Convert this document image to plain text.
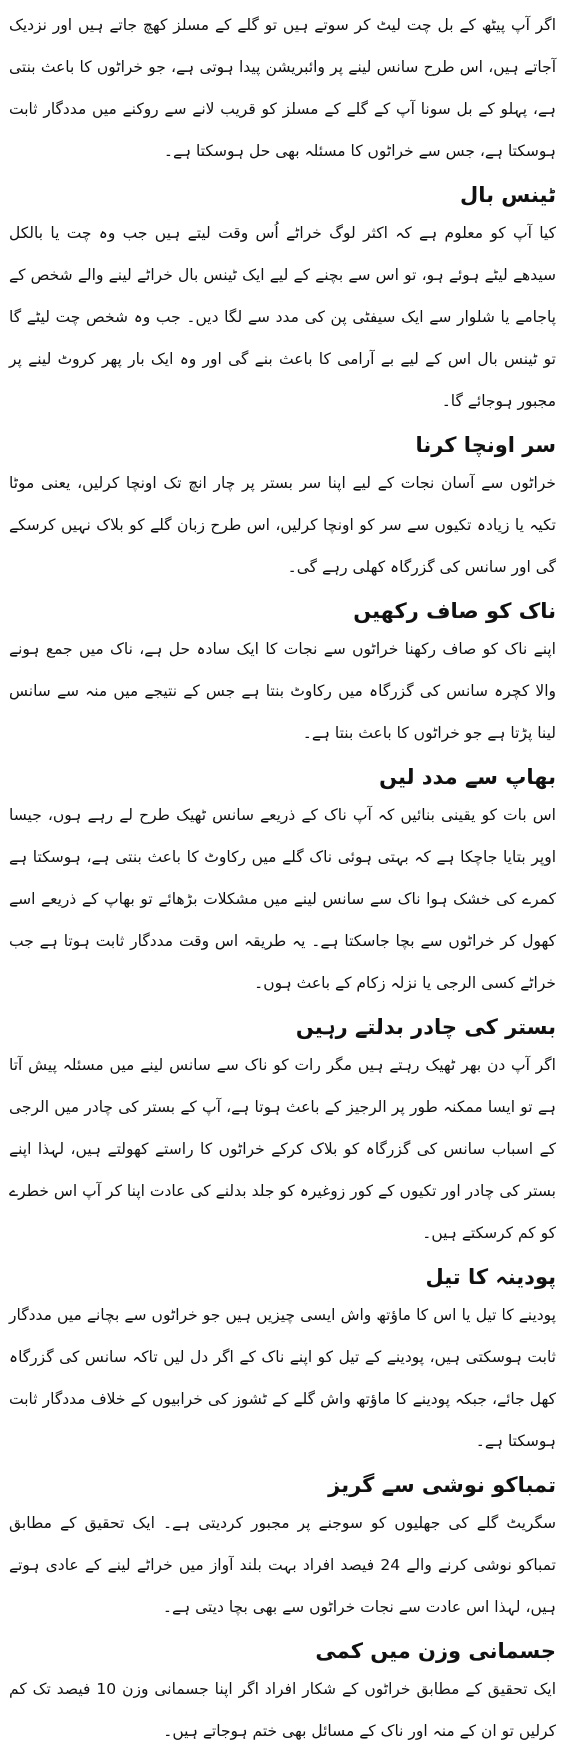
اگر آپ پیٹھ کے بل چت لیٹ کر سوتے ہیں تو گلے کے مسلز کھچ جاتے ہیں اور نزدیک آجاتے ہیں، اس طرح سانس لینے پر وائبریشن پیدا ہوتی ہے، جو خراٹوں کا باعث بنتی ہے، پہلو کے بل سونا آپ کے گلے کے مسلز کو قریب لانے سے روکنے میں مددگار ثابت ہوسکتا ہے، جس سے خراٹوں کا مسئلہ بھی حل ہوسکتا ہے۔

ٹینس بال

کیا آپ کو معلوم ہے کہ اکثر لوگ خراٹے اُس وقت لیتے ہیں جب وہ چت یا بالکل سیدھے لیٹے ہوئے ہو، تو اس سے بچنے کے لیے ایک ٹینس بال خراٹے لینے والے شخص کے پاجامے یا شلوار سے ایک سیفٹی پن کی مدد سے لگا دیں۔ جب وہ شخص چت لیٹے گا تو ٹینس بال اس کے لیے بے آرامی کا باعث بنے گی اور وہ ایک بار پھر کروٹ لینے پر مجبور ہوجائے گا۔

سر اونچا کرنا

خراٹوں سے آسان نجات کے لیے اپنا سر بستر پر چار انچ تک اونچا کرلیں، یعنی موٹا تکیہ یا زیادہ تکیوں سے سر کو اونچا کرلیں، اس طرح زبان گلے کو بلاک نہیں کرسکے گی اور سانس کی گزرگاہ کھلی رہے گی۔

ناک کو صاف رکھیں

اپنے ناک کو صاف رکھنا خراٹوں سے نجات کا ایک سادہ حل ہے، ناک میں جمع ہونے والا کچرہ سانس کی گزرگاہ میں رکاوٹ بنتا ہے جس کے نتیجے میں منہ سے سانس لینا پڑتا ہے جو خراٹوں کا باعث بنتا ہے۔

بھاپ سے مدد لیں

اس بات کو یقینی بنائیں کہ آپ ناک کے ذریعے سانس ٹھیک طرح لے رہے ہوں، جیسا اوپر بتایا جاچکا ہے کہ بہتی ہوئی ناک گلے میں رکاوٹ کا باعث بنتی ہے، ہوسکتا ہے کمرے کی خشک ہوا ناک سے سانس لینے میں مشکلات بڑھائے تو بھاپ کے ذریعے اسے کھول کر خراٹوں سے بچا جاسکتا ہے۔ یہ طریقہ اس وقت مددگار ثابت ہوتا ہے جب خراٹے کسی الرجی یا نزلہ زکام کے باعث ہوں۔

بستر کی چادر بدلتے رہیں

اگر آپ دن بھر ٹھیک رہتے ہیں مگر رات کو ناک سے سانس لینے میں مسئلہ پیش آتا ہے تو ایسا ممکنہ طور پر الرجیز کے باعث ہوتا ہے، آپ کے بستر کی چادر میں الرجی کے اسباب سانس کی گزرگاہ کو بلاک کرکے خراٹوں کا راستے کھولتے ہیں، لہذا اپنے بستر کی چادر اور تکیوں کے کور زوغیرہ کو جلد بدلنے کی عادت اپنا کر آپ اس خطرے کو کم کرسکتے ہیں۔

پودینہ کا تیل

پودینے کا تیل یا اس کا ماؤتھ واش ایسی چیزیں ہیں جو خراٹوں سے بچانے میں مددگار ثابت ہوسکتی ہیں، پودینے کے تیل کو اپنے ناک کے اگر دل لیں تاکہ سانس کی گزرگاہ کھل جائے، جبکہ پودینے کا ماؤتھ واش گلے کے ٹشوز کی خرابیوں کے خلاف مددگار ثابت ہوسکتا ہے۔

تمباکو نوشی سے گریز

سگریٹ گلے کی جھلیوں کو سوجنے پر مجبور کردیتی ہے۔ ایک تحقیق کے مطابق تمباکو نوشی کرنے والے 24 فیصد افراد بہت بلند آواز میں خراٹے لینے کے عادی ہوتے ہیں، لہذا اس عادت سے نجات خراٹوں سے بھی بچا دیتی ہے۔

جسمانی وزن میں کمی

ایک تحقیق کے مطابق خراٹوں کے شکار افراد اگر اپنا جسمانی وزن 10 فیصد تک کم کرلیں تو ان کے منہ اور ناک کے مسائل بھی ختم ہوجاتے ہیں۔
